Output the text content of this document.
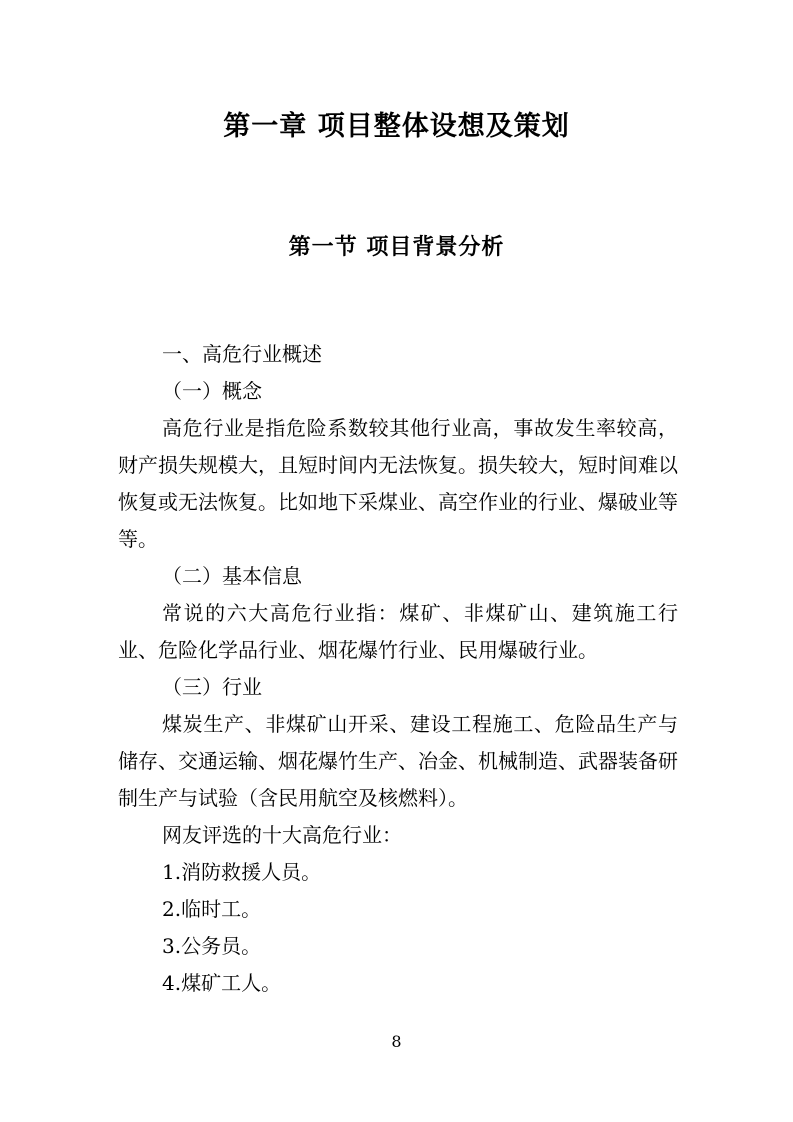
第一章 项目整体设想及策划
第一节 项目背景分析

一、高危行业概述

（一）概念

高危行业是指危险系数较其他行业高，事故发生率较高，财产损失规模大，且短时间内无法恢复。损失较大，短时间难以恢复或无法恢复。比如地下采煤业、高空作业的行业、爆破业等等。

（二）基本信息

常说的六大高危行业指：煤矿、非煤矿山、建筑施工行业、危险化学品行业、烟花爆竹行业、民用爆破行业。

（三）行业

煤炭生产、非煤矿山开采、建设工程施工、危险品生产与储存、交通运输、烟花爆竹生产、冶金、机械制造、武器装备研制生产与试验（含民用航空及核燃料）。

网友评选的十大高危行业：

1.消防救援人员。

2.临时工。

3.公务员。

4.煤矿工人。

8
